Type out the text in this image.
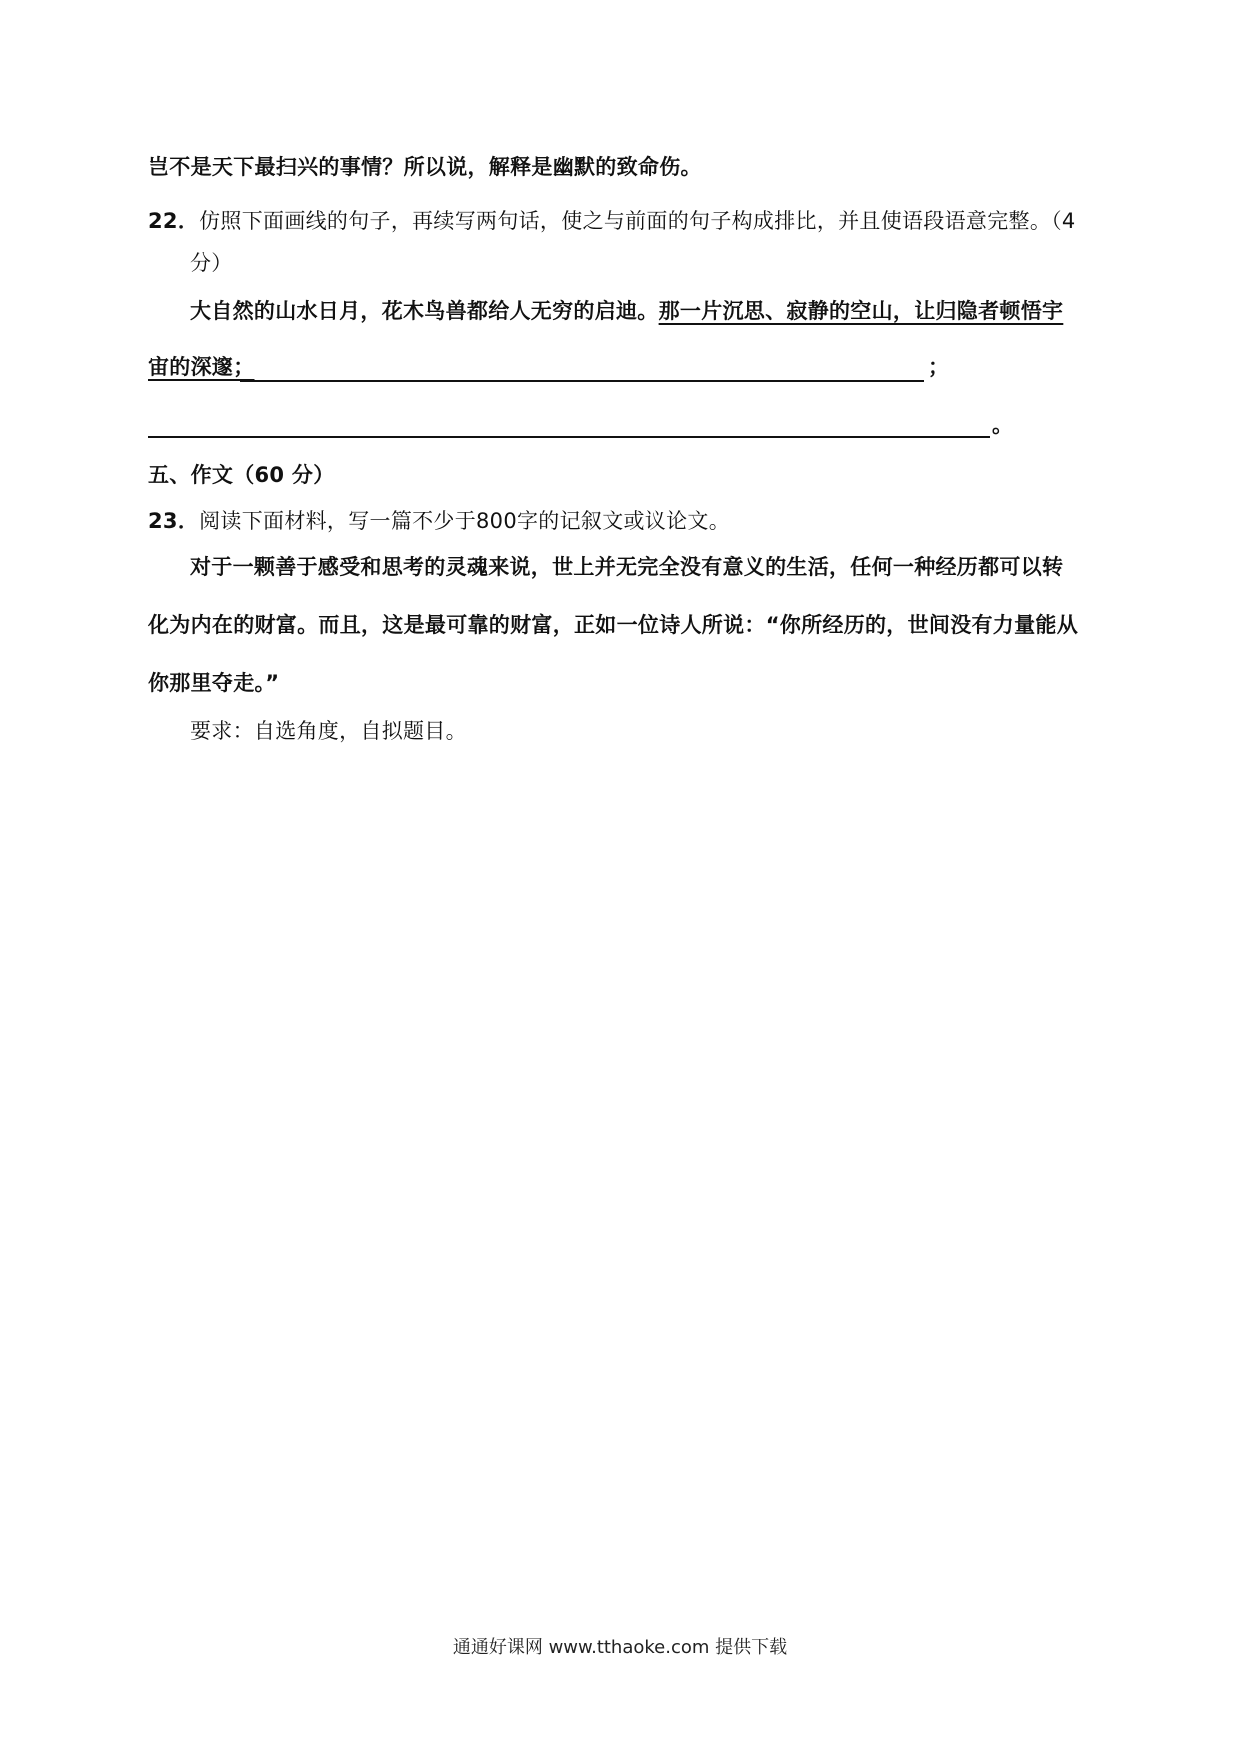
岂不是天下最扫兴的事情？所以说，解释是幽默的致命伤。
22．仿照下面画线的句子，再续写两句话，使之与前面的句子构成排比，并且使语段语意完整。（4
分）
大自然的山水日月，花木鸟兽都给人无穷的启迪。那一片沉思、寂静的空山，让归隐者顿悟宇
宙的深邃；	；
。
五、作文（60 分）
23．阅读下面材料，写一篇不少于800字的记叙文或议论文。
对于一颗善于感受和思考的灵魂来说，世上并无完全没有意义的生活，任何一种经历都可以转
化为内在的财富。而且，这是最可靠的财富，正如一位诗人所说：“你所经历的，世间没有力量能从
你那里夺走。”
要求：自选角度，自拟题目。
通通好课网 www.tthaoke.com 提供下载
